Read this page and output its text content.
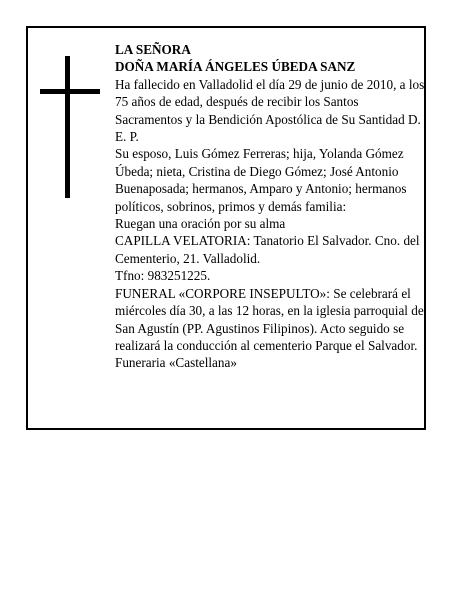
LA SEÑORA

DOÑA MARÍA ÁNGELES ÚBEDA SANZ

Ha fallecido en Valladolid el día 29 de junio de 2010, a los 75 años de edad, después de recibir los Santos Sacramentos y la Bendición Apostólica de Su Santidad D. E. P.

Su esposo, Luis Gómez Ferreras; hija, Yolanda Gómez Úbeda; nieta, Cristina de Diego Gómez; José Antonio Buenaposada; hermanos, Amparo y Antonio; hermanos políticos, sobrinos, primos y demás familia:

Ruegan una oración por su alma

CAPILLA VELATORIA: Tanatorio El Salvador. Cno. del Cementerio, 21. Valladolid.

Tfno: 983251225.

FUNERAL «CORPORE INSEPULTO»: Se celebrará el miércoles día 30, a las 12 horas, en la iglesia parroquial de San Agustín (PP. Agustinos Filipinos). Acto seguido se realizará la conducción al cementerio Parque el Salvador.

Funeraria «Castellana»
